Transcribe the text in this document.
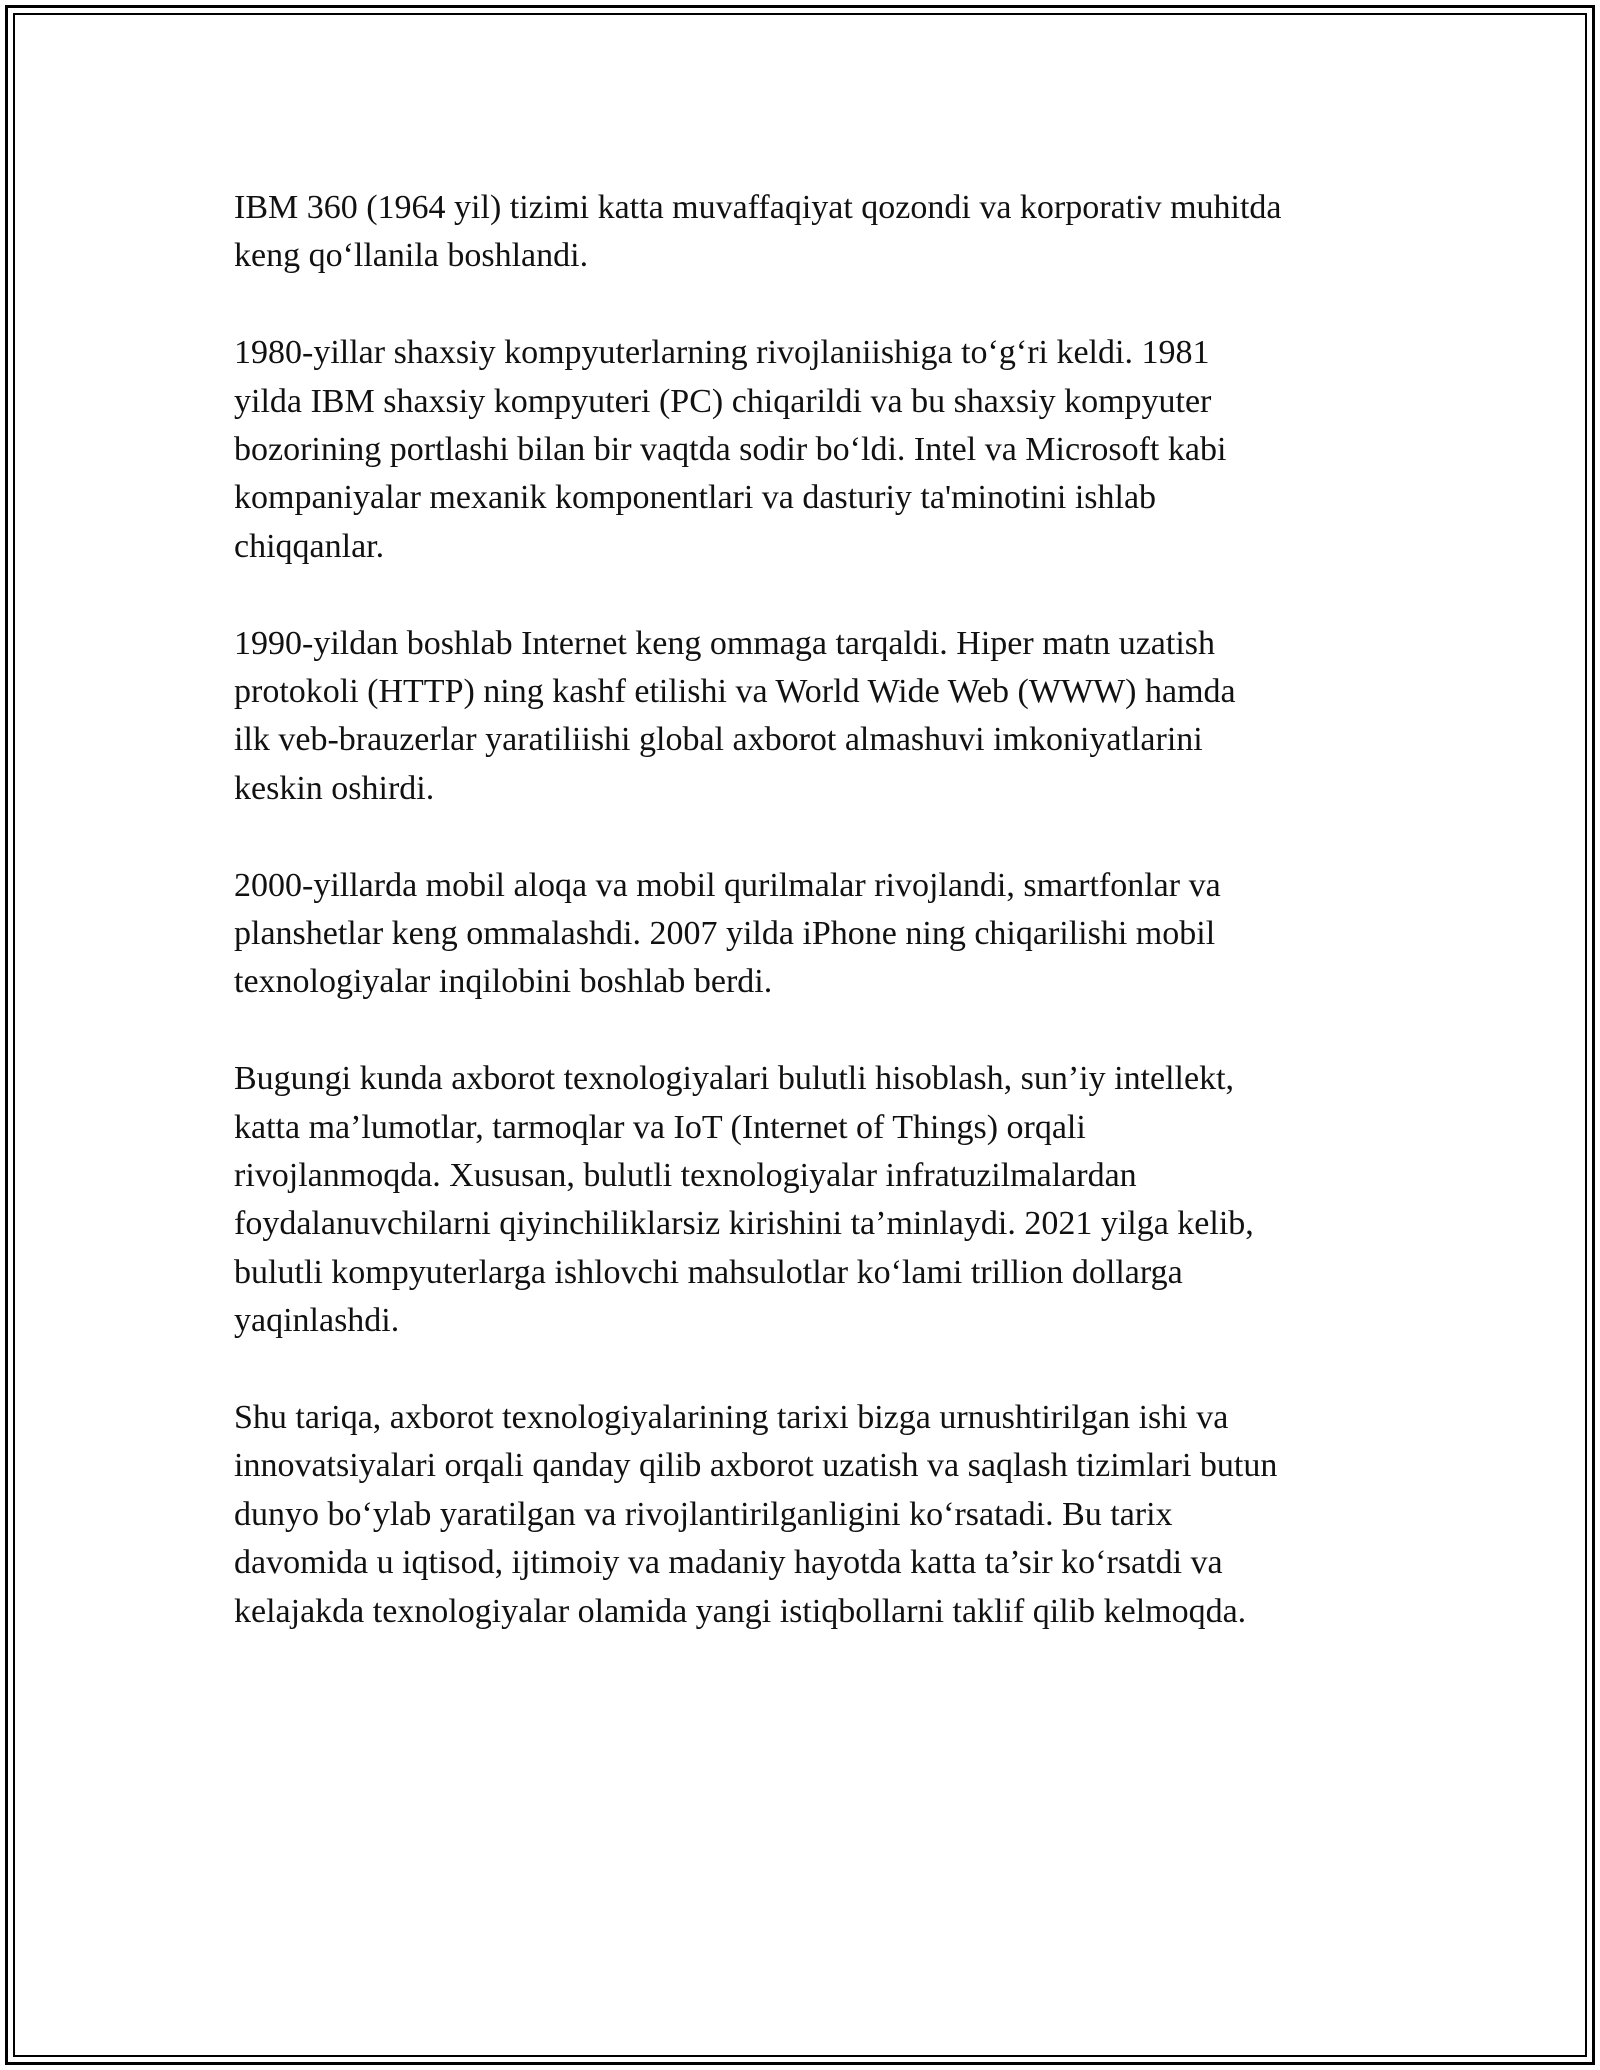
IBM 360 (1964 yil) tizimi katta muvaffaqiyat qozondi va korporativ muhitda
keng qo‘llanila boshlandi.

1980-yillar shaxsiy kompyuterlarning rivojlaniishiga to‘g‘ri keldi. 1981
yilda IBM shaxsiy kompyuteri (PC) chiqarildi va bu shaxsiy kompyuter
bozorining portlashi bilan bir vaqtda sodir bo‘ldi. Intel va Microsoft kabi
kompaniyalar mexanik komponentlari va dasturiy ta'minotini ishlab
chiqqanlar.

1990-yildan boshlab Internet keng ommaga tarqaldi. Hiper matn uzatish
protokoli (HTTP) ning kashf etilishi va World Wide Web (WWW) hamda
ilk veb-brauzerlar yaratiliishi global axborot almashuvi imkoniyatlarini
keskin oshirdi.

2000-yillarda mobil aloqa va mobil qurilmalar rivojlandi, smartfonlar va
planshetlar keng ommalashdi. 2007 yilda iPhone ning chiqarilishi mobil
texnologiyalar inqilobini boshlab berdi.

Bugungi kunda axborot texnologiyalari bulutli hisoblash, sun’iy intellekt,
katta ma’lumotlar, tarmoqlar va IoT (Internet of Things) orqali
rivojlanmoqda. Xususan, bulutli texnologiyalar infratuzilmalardan
foydalanuvchilarni qiyinchiliklarsiz kirishini ta’minlaydi. 2021 yilga kelib,
bulutli kompyuterlarga ishlovchi mahsulotlar ko‘lami trillion dollarga
yaqinlashdi.

Shu tariqa, axborot texnologiyalarining tarixi bizga urnushtirilgan ishi va
innovatsiyalari orqali qanday qilib axborot uzatish va saqlash tizimlari butun
dunyo bo‘ylab yaratilgan va rivojlantirilganligini ko‘rsatadi. Bu tarix
davomida u iqtisod, ijtimoiy va madaniy hayotda katta ta’sir ko‘rsatdi va
kelajakda texnologiyalar olamida yangi istiqbollarni taklif qilib kelmoqda.
